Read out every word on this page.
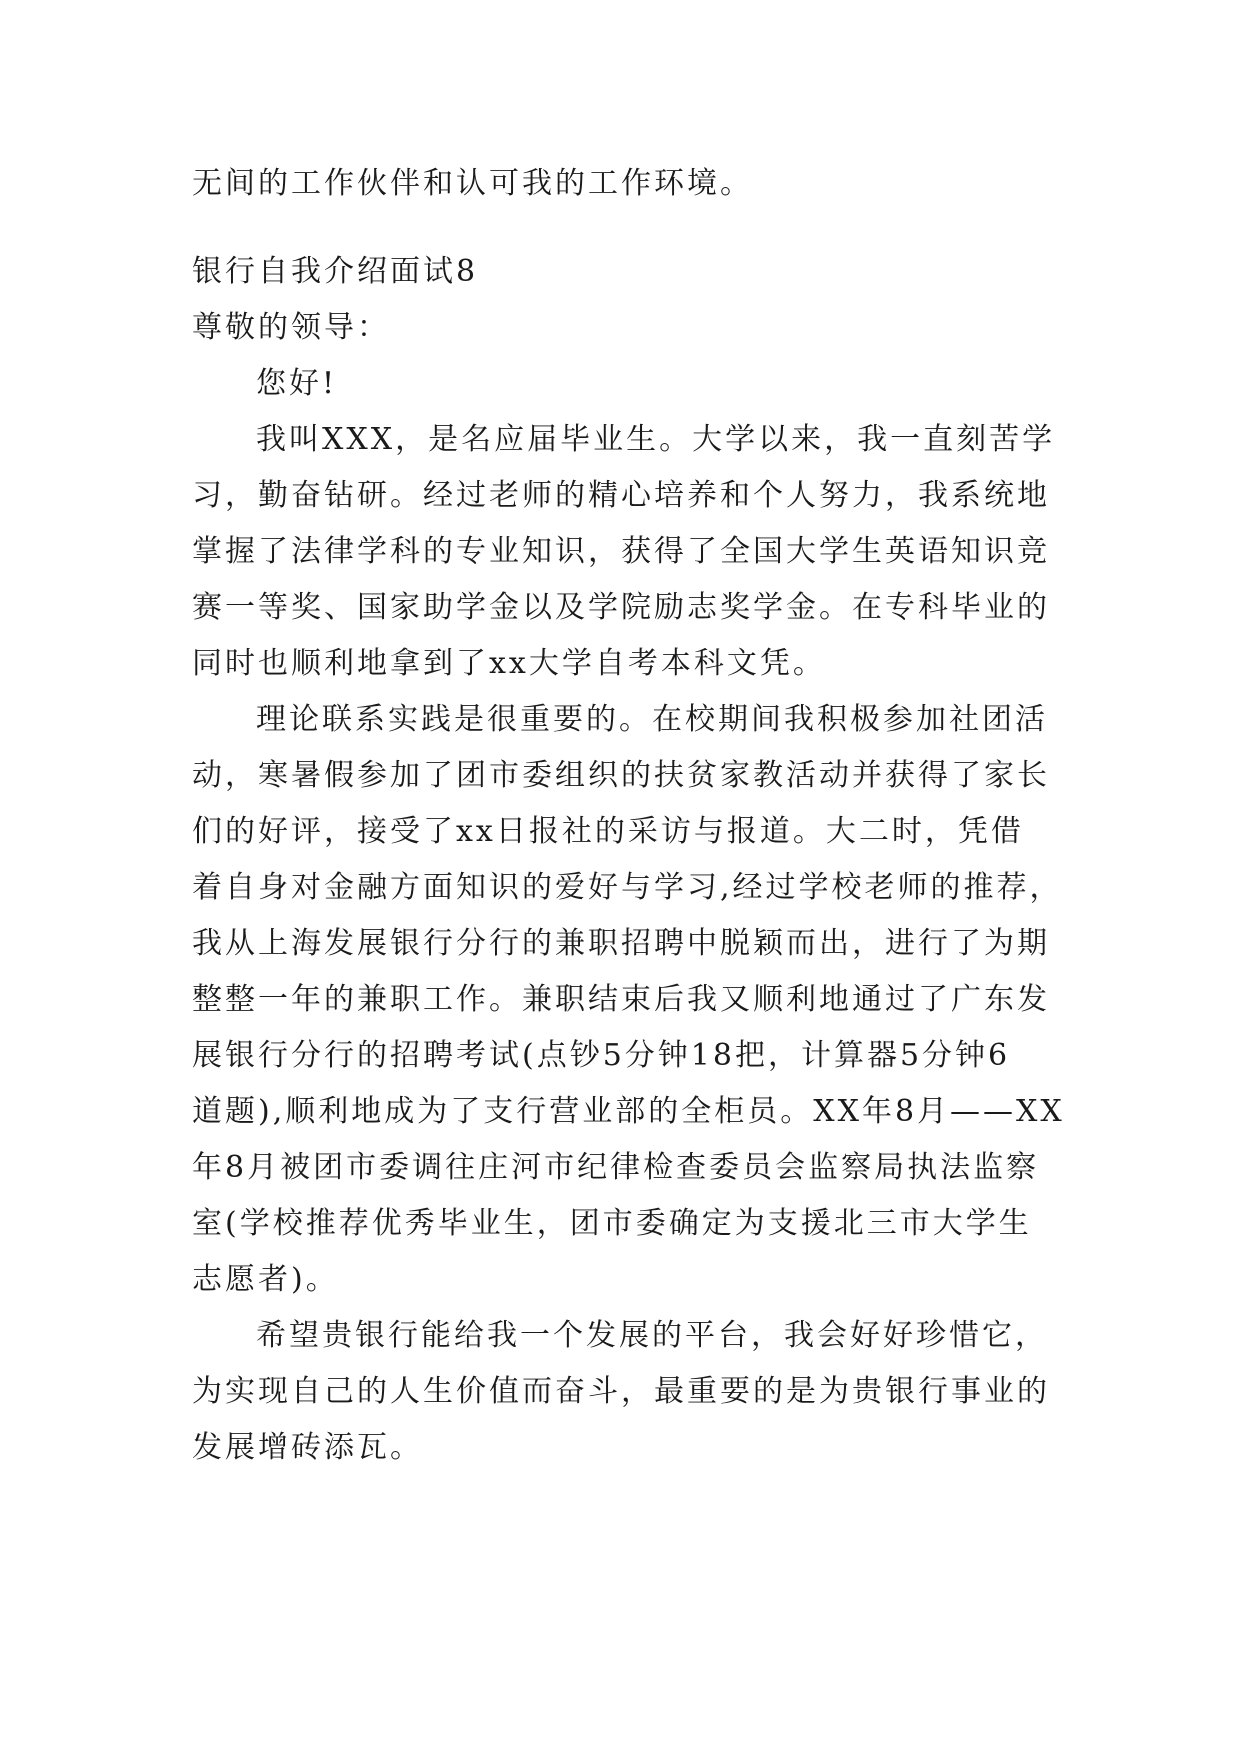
无间的工作伙伴和认可我的工作环境。
银行自我介绍面试8
尊敬的领导：
您好!
我叫XXX，是名应届毕业生。大学以来，我一直刻苦学
习，勤奋钻研。经过老师的精心培养和个人努力，我系统地
掌握了法律学科的专业知识，获得了全国大学生英语知识竞
赛一等奖、国家助学金以及学院励志奖学金。在专科毕业的
同时也顺利地拿到了xx大学自考本科文凭。
理论联系实践是很重要的。在校期间我积极参加社团活
动，寒暑假参加了团市委组织的扶贫家教活动并获得了家长
们的好评，接受了xx日报社的采访与报道。大二时，凭借
着自身对金融方面知识的爱好与学习,经过学校老师的推荐，
我从上海发展银行分行的兼职招聘中脱颖而出，进行了为期
整整一年的兼职工作。兼职结束后我又顺利地通过了广东发
展银行分行的招聘考试(点钞5分钟18把，计算器5分钟6
道题),顺利地成为了支行营业部的全柜员。XX年8月——XX
年8月被团市委调往庄河市纪律检查委员会监察局执法监察
室(学校推荐优秀毕业生，团市委确定为支援北三市大学生
志愿者)。
希望贵银行能给我一个发展的平台，我会好好珍惜它，
为实现自己的人生价值而奋斗，最重要的是为贵银行事业的
发展增砖添瓦。
